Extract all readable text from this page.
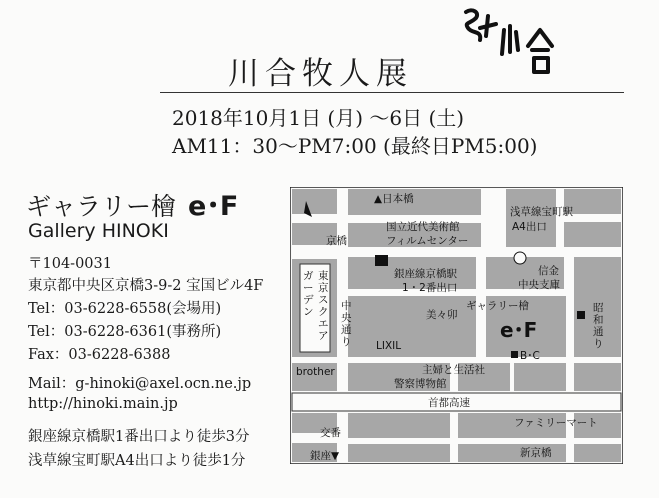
川合牧人展
2018年10月1日 (月) ～6日 (土)
AM11：30～PM7:00 (最終日PM5:00)
ギャラリー檜 e･F
Gallery HINOKI
〒104-0031
東京都中央区京橋3-9-2 宝国ビル4F
Tel：03-6228-6558(会場用)
Tel：03-6228-6361(事務所)
Fax：03-6228-6388
Mail：g-hinoki@axel.ocn.ne.jp
http://hinoki.main.jp
銀座線京橋駅1番出口より徒歩3分
浅草線宝町駅A4出口より徒歩1分
▲日本橋
浅草線宝町駅
A4出口
国立近代美術館
フィルムセンター
京橋
銀座線京橋駅
1・2番出口
信金
中央支庫
美々卯
ギャラリー檜
e･F
B･C
LIXIL
brother	主婦と生活社
警察博物館
首都高速
交番
ファミリーマート
銀座▼	新京橋
東京スクエア
ガーデン	中央通り
昭和通り
